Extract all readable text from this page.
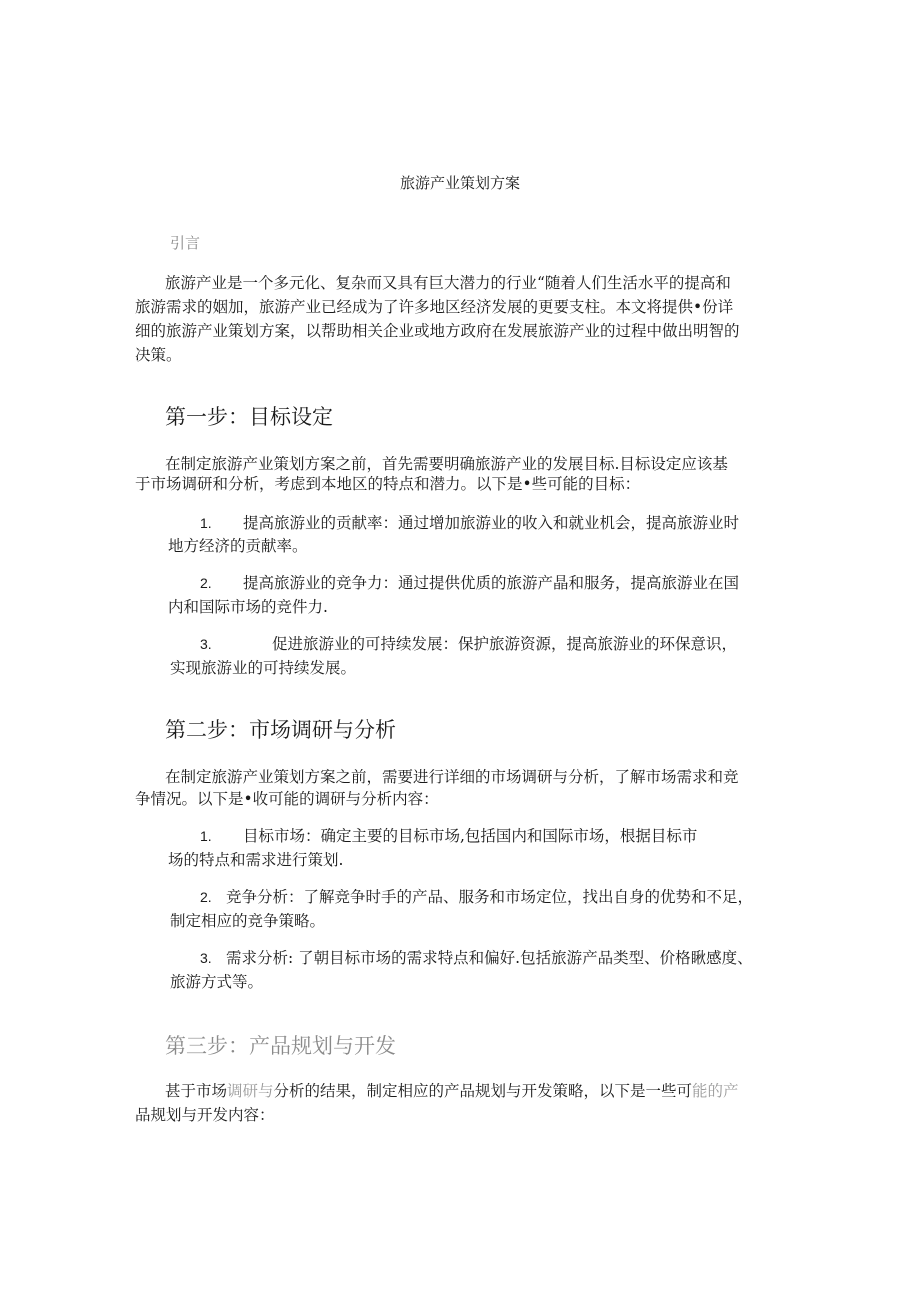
旅游产业策划方案
引言
旅游产业是一个多元化、复杂而又具有巨大潜力的行业“随着人们生活水平的提高和
旅游需求的姻加，旅游产业已经成为了许多地区经济发展的更要支柱。本文将提供•份详
细的旅游产业策划方案，以帮助相关企业或地方政府在发展旅游产业的过程中做出明智的
决策。
第一步：目标设定
在制定旅游产业策划方案之前，首先需要明确旅游产业的发展目标.目标设定应该基
于市场调研和分析，考虑到本地区的特点和潜力。以下是•些可能的目标：
1. 提高旅游业的贡献率：通过增加旅游业的收入和就业机会，提高旅游业时
地方经济的贡献率。
2. 提高旅游业的竞争力：通过提供优质的旅游产晶和服务，提高旅游业在国
内和国际市场的竞件力.
3.	促进旅游业的可持续发展：保护旅游资源，提高旅游业的环保意识，
实现旅游业的可持续发展。
第二步：市场调研与分析
在制定旅游产业策划方案之前，需要进行详细的市场调研与分析，了解市场需求和竞
争情况。以下是•收可能的调研与分析内容：
1. 目标市场：确定主要的目标市场,包括国内和国际市场，根据目标市
场的特点和需求进行策划.
2. 竞争分析：了解竞争时手的产品、服务和市场定位，找出自身的优势和不足，
制定相应的竞争策略。
3. 需求分析: 了朝目标市场的需求特点和偏好.包括旅游产品类型、价格瞅感度、
旅游方式等。
第三步：产品规划与开发
甚于市场调研与分析的结果，制定相应的产品规划与开发策略，以下是一些可能的产
品规划与开发内容：
